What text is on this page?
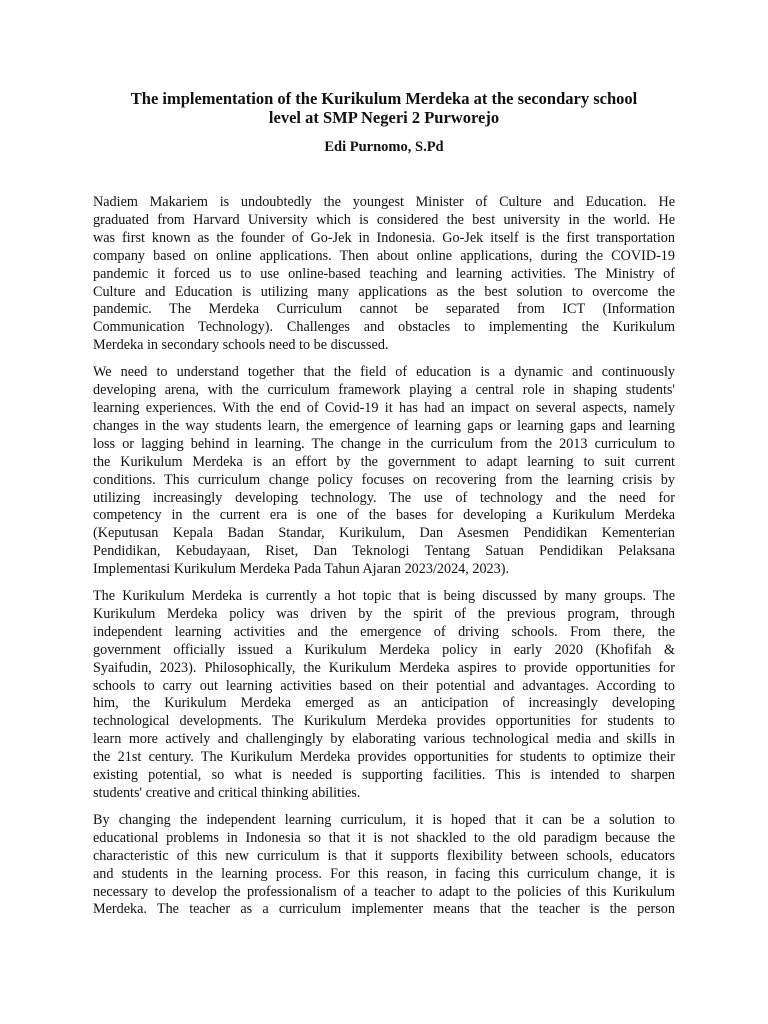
The implementation of the Kurikulum Merdeka at the secondary school
level at SMP Negeri 2 Purworejo

Edi Purnomo, S.Pd

Nadiem Makariem is undoubtedly the youngest Minister of Culture and Education. He
graduated from Harvard University which is considered the best university in the world. He
was first known as the founder of Go-Jek in Indonesia. Go-Jek itself is the first transportation
company based on online applications. Then about online applications, during the COVID-19
pandemic it forced us to use online-based teaching and learning activities. The Ministry of
Culture and Education is utilizing many applications as the best solution to overcome the
pandemic. The Merdeka Curriculum cannot be separated from ICT (Information
Communication Technology). Challenges and obstacles to implementing the Kurikulum
Merdeka in secondary schools need to be discussed.

We need to understand together that the field of education is a dynamic and continuously
developing arena, with the curriculum framework playing a central role in shaping students'
learning experiences. With the end of Covid-19 it has had an impact on several aspects, namely
changes in the way students learn, the emergence of learning gaps or learning gaps and learning
loss or lagging behind in learning. The change in the curriculum from the 2013 curriculum to
the Kurikulum Merdeka is an effort by the government to adapt learning to suit current
conditions. This curriculum change policy focuses on recovering from the learning crisis by
utilizing increasingly developing technology. The use of technology and the need for
competency in the current era is one of the bases for developing a Kurikulum Merdeka
(Keputusan Kepala Badan Standar, Kurikulum, Dan Asesmen Pendidikan Kementerian
Pendidikan, Kebudayaan, Riset, Dan Teknologi Tentang Satuan Pendidikan Pelaksana
Implementasi Kurikulum Merdeka Pada Tahun Ajaran 2023/2024, 2023).

The Kurikulum Merdeka is currently a hot topic that is being discussed by many groups. The
Kurikulum Merdeka policy was driven by the spirit of the previous program, through
independent learning activities and the emergence of driving schools. From there, the
government officially issued a Kurikulum Merdeka policy in early 2020 (Khofifah &
Syaifudin, 2023). Philosophically, the Kurikulum Merdeka aspires to provide opportunities for
schools to carry out learning activities based on their potential and advantages. According to
him, the Kurikulum Merdeka emerged as an anticipation of increasingly developing
technological developments. The Kurikulum Merdeka provides opportunities for students to
learn more actively and challengingly by elaborating various technological media and skills in
the 21st century. The Kurikulum Merdeka provides opportunities for students to optimize their
existing potential, so what is needed is supporting facilities. This is intended to sharpen
students' creative and critical thinking abilities.

By changing the independent learning curriculum, it is hoped that it can be a solution to
educational problems in Indonesia so that it is not shackled to the old paradigm because the
characteristic of this new curriculum is that it supports flexibility between schools, educators
and students in the learning process. For this reason, in facing this curriculum change, it is
necessary to develop the professionalism of a teacher to adapt to the policies of this Kurikulum
Merdeka. The teacher as a curriculum implementer means that the teacher is the person
